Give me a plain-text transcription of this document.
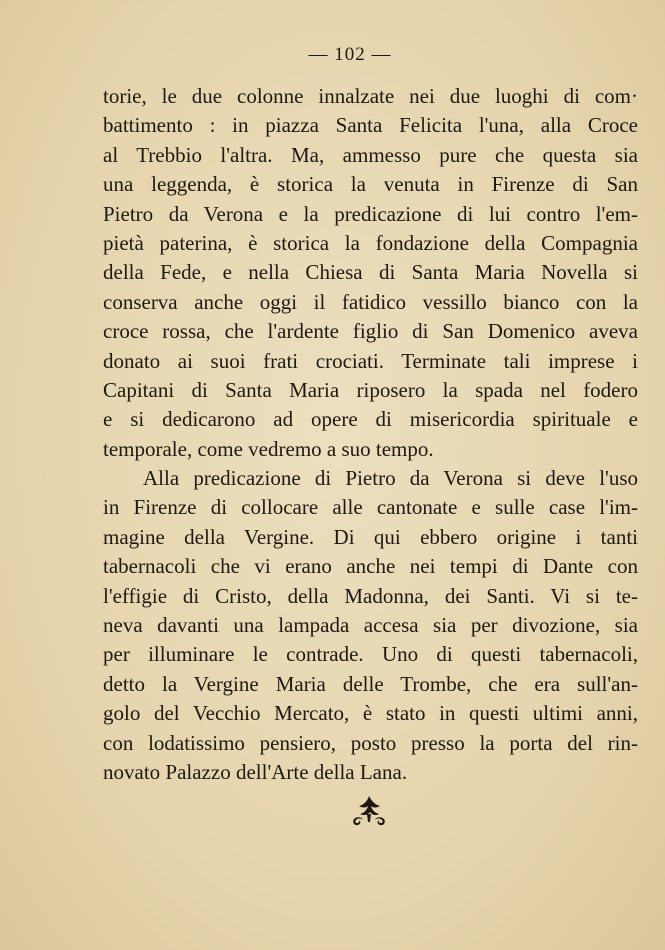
— 102 —
torie, le due colonne innalzate nei due luoghi di com·
battimento : in piazza Santa Felicita l'una, alla Croce
al Trebbio l'altra. Ma, ammesso pure che questa sia
una leggenda, è storica la venuta in Firenze di San
Pietro da Verona e la predicazione di lui contro l'em-
pietà paterina, è storica la fondazione della Compagnia
della Fede, e nella Chiesa di Santa Maria Novella si
conserva anche oggi il fatidico vessillo bianco con la
croce rossa, che l'ardente figlio di San Domenico aveva
donato ai suoi frati crociati. Terminate tali imprese i
Capitani di Santa Maria riposero la spada nel fodero
e si dedicarono ad opere di misericordia spirituale e
temporale, come vedremo a suo tempo.
Alla predicazione di Pietro da Verona si deve l'uso
in Firenze di collocare alle cantonate e sulle case l'im-
magine della Vergine. Di qui ebbero origine i tanti
tabernacoli che vi erano anche nei tempi di Dante con
l'effigie di Cristo, della Madonna, dei Santi. Vi si te-
neva davanti una lampada accesa sia per divozione, sia
per illuminare le contrade. Uno di questi tabernacoli,
detto la Vergine Maria delle Trombe, che era sull'an-
golo del Vecchio Mercato, è stato in questi ultimi anni,
con lodatissimo pensiero, posto presso la porta del rin-
novato Palazzo dell'Arte della Lana.
